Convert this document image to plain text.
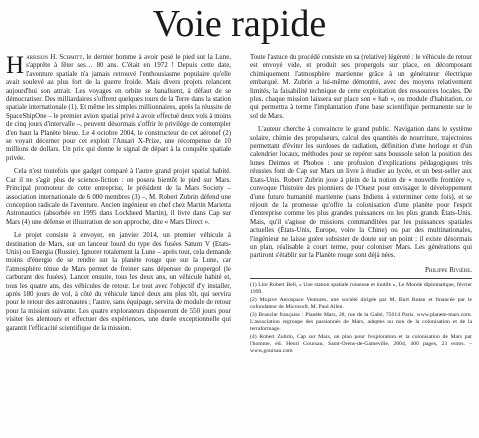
Voie rapide

Harrison H. Schmitt, le dernier homme à avoir posé le pied sur la Lune, s'apprête à fêter ses… 80 ans. C'était en 1972 ! Depuis cette date, l'aventure spatiale n'a jamais retrouvé l'enthousiasme populaire qu'elle avait soulevé au plus fort de la guerre froide. Mais divers projets relancent aujourd'hui son attrait. Les voyages en orbite se banalisent, à défaut de se démocratiser. Des milliardaires s'offrent quelques tours de la Terre dans la station spatiale internationale (1). Et même les simples millionnaires, après la réussite de SpaceShipOne – le premier avion spatial privé à avoir effectué deux vols à moins de cinq jours d'intervalle –, peuvent désormais s'offrir le privilège de contempler d'en haut la Planète bleue. Le 4 octobre 2004, le constructeur de cet aéronef (2) se voyait décerner pour cet exploit l'Ansari X-Prize, une récompense de 10 millions de dollars. Un prix qui donne le signal de départ à la conquête spatiale privée.

Cela n'est toutefois que gadget comparé à l'autre grand projet spatial habité. Car il ne s'agit plus de science-fiction : on posera bientôt le pied sur Mars. Principal promoteur de cette entreprise, le président de la Mars Society – association internationale de 6 000 membres (3) –, M. Robert Zubrin défend une conception radicale de l'aventure. Ancien ingénieur en chef chez Martin Marietta Astronautics (absorbée en 1995 dans Lockheed Martin), il livre dans Cap sur Mars (4) une défense et illustration de son approche, dite « Mars Direct ».

Le projet consiste à envoyer, en janvier 2014, un premier véhicule à destination de Mars, sur un lanceur lourd du type des fusées Saturn V (Etats-Unis) ou Energia (Russie). Ignorer totalement la Lune – après tout, cela demande moins d'énergie de se rendre sur la planète rouge que sur la Lune, car l'atmosphère ténue de Mars permet de freiner sans dépenser de propergol (le carburant des fusées). Lancer ensuite, tous les deux ans, un véhicule habité et, tous les quatre ans, des véhicules de retour. Le tout avec l'objectif d'y installer, après 180 jours de vol, à côté du véhicule lancé deux ans plus tôt, qui servira pour le retour des astronautes ; l'autre, sans équipage, servira de module de retour pour la mission suivante. Les quatre explorateurs disposeront de 550 jours pour visiter les alentours et effectuer des expériences, une durée exceptionnelle qui garantit l'efficacité scientifique de la mission.

Toute l'astuce du procédé consiste en sa (relative) légèreté : le véhicule de retour est envoyé vide, et produit ses propergols sur place, en décomposant chimiquement l'atmosphère martienne grâce à un générateur électrique embarqué. M. Zubrin a lui-même démontré, avec des moyens relativement limités, la faisabilité technique de cette exploitation des ressources locales. De plus, chaque mission laissera sur place son « hab », ou module d'habitation, ce qui permettra à terme l'implantation d'une base scientifique permanente sur le sol de Mars.

L'auteur cherche à convaincre le grand public. Navigation dans le système solaire, chimie des propulseurs, calcul des quantités de nourriture, trajectoires permettant d'éviter les surdoses de radiation, définition d'une horloge et d'un calendrier locaux, méthodes pour se repérer sans boussole selon la position des lunes Deimos et Phobos : une profusion d'explications pédagogiques très réussies font de Cap sur Mars un livre à étudier au lycée, et un best-seller aux Etats-Unis. Robert Zubrin joue à plein de la notion de « nouvelle frontière », convoque l'histoire des pionniers de l'Ouest pour envisager le développement d'une future humanité martienne (sans Indiens à exterminer cette fois), et se réjouit de la promesse qu'offre la colonisation d'une planète pour l'esprit d'entreprise comme les plus grandes puissances ou les plus grands États-Unis. Mais, qu'il s'agisse de missions commanditées par les puissances spatiales actuelles (États-Unis, Europe, voire la Chine) ou par des multinationales, l'ingénieur ne laisse guère subsister de doute sur un point : il existe désormais un plan, réalisable à court terme, pour coloniser Mars. Les générations qui partiront s'établir sur la Planète rouge sont déjà nées.

Philippe Rivière.

(1) Lire Robert Bell, « Une station spatiale ruineuse et inutile », Le Monde diplomatique, février 1999.

(2) Mojave Aerospace Ventures, une société dirigée par M. Burt Rutan et financée par le cofondateur de Microsoft, M. Paul Allen.

(3) Branche française : Planète Mars, 28, rue de la Gaîté, 75014 Paris. www.planete-mars.com. L'association regroupe des passionnés de Mars, adeptes ou non de la colonisation et de la terraformage.

(4) Robert Zubrin, Cap sur Mars, un plan pour l'exploration et la colonisation de Mars par l'homme, éd. Henri Goursau, Saint-Orens-de-Gameville, 2004, 400 pages, 23 euros. – www.goursau.com
